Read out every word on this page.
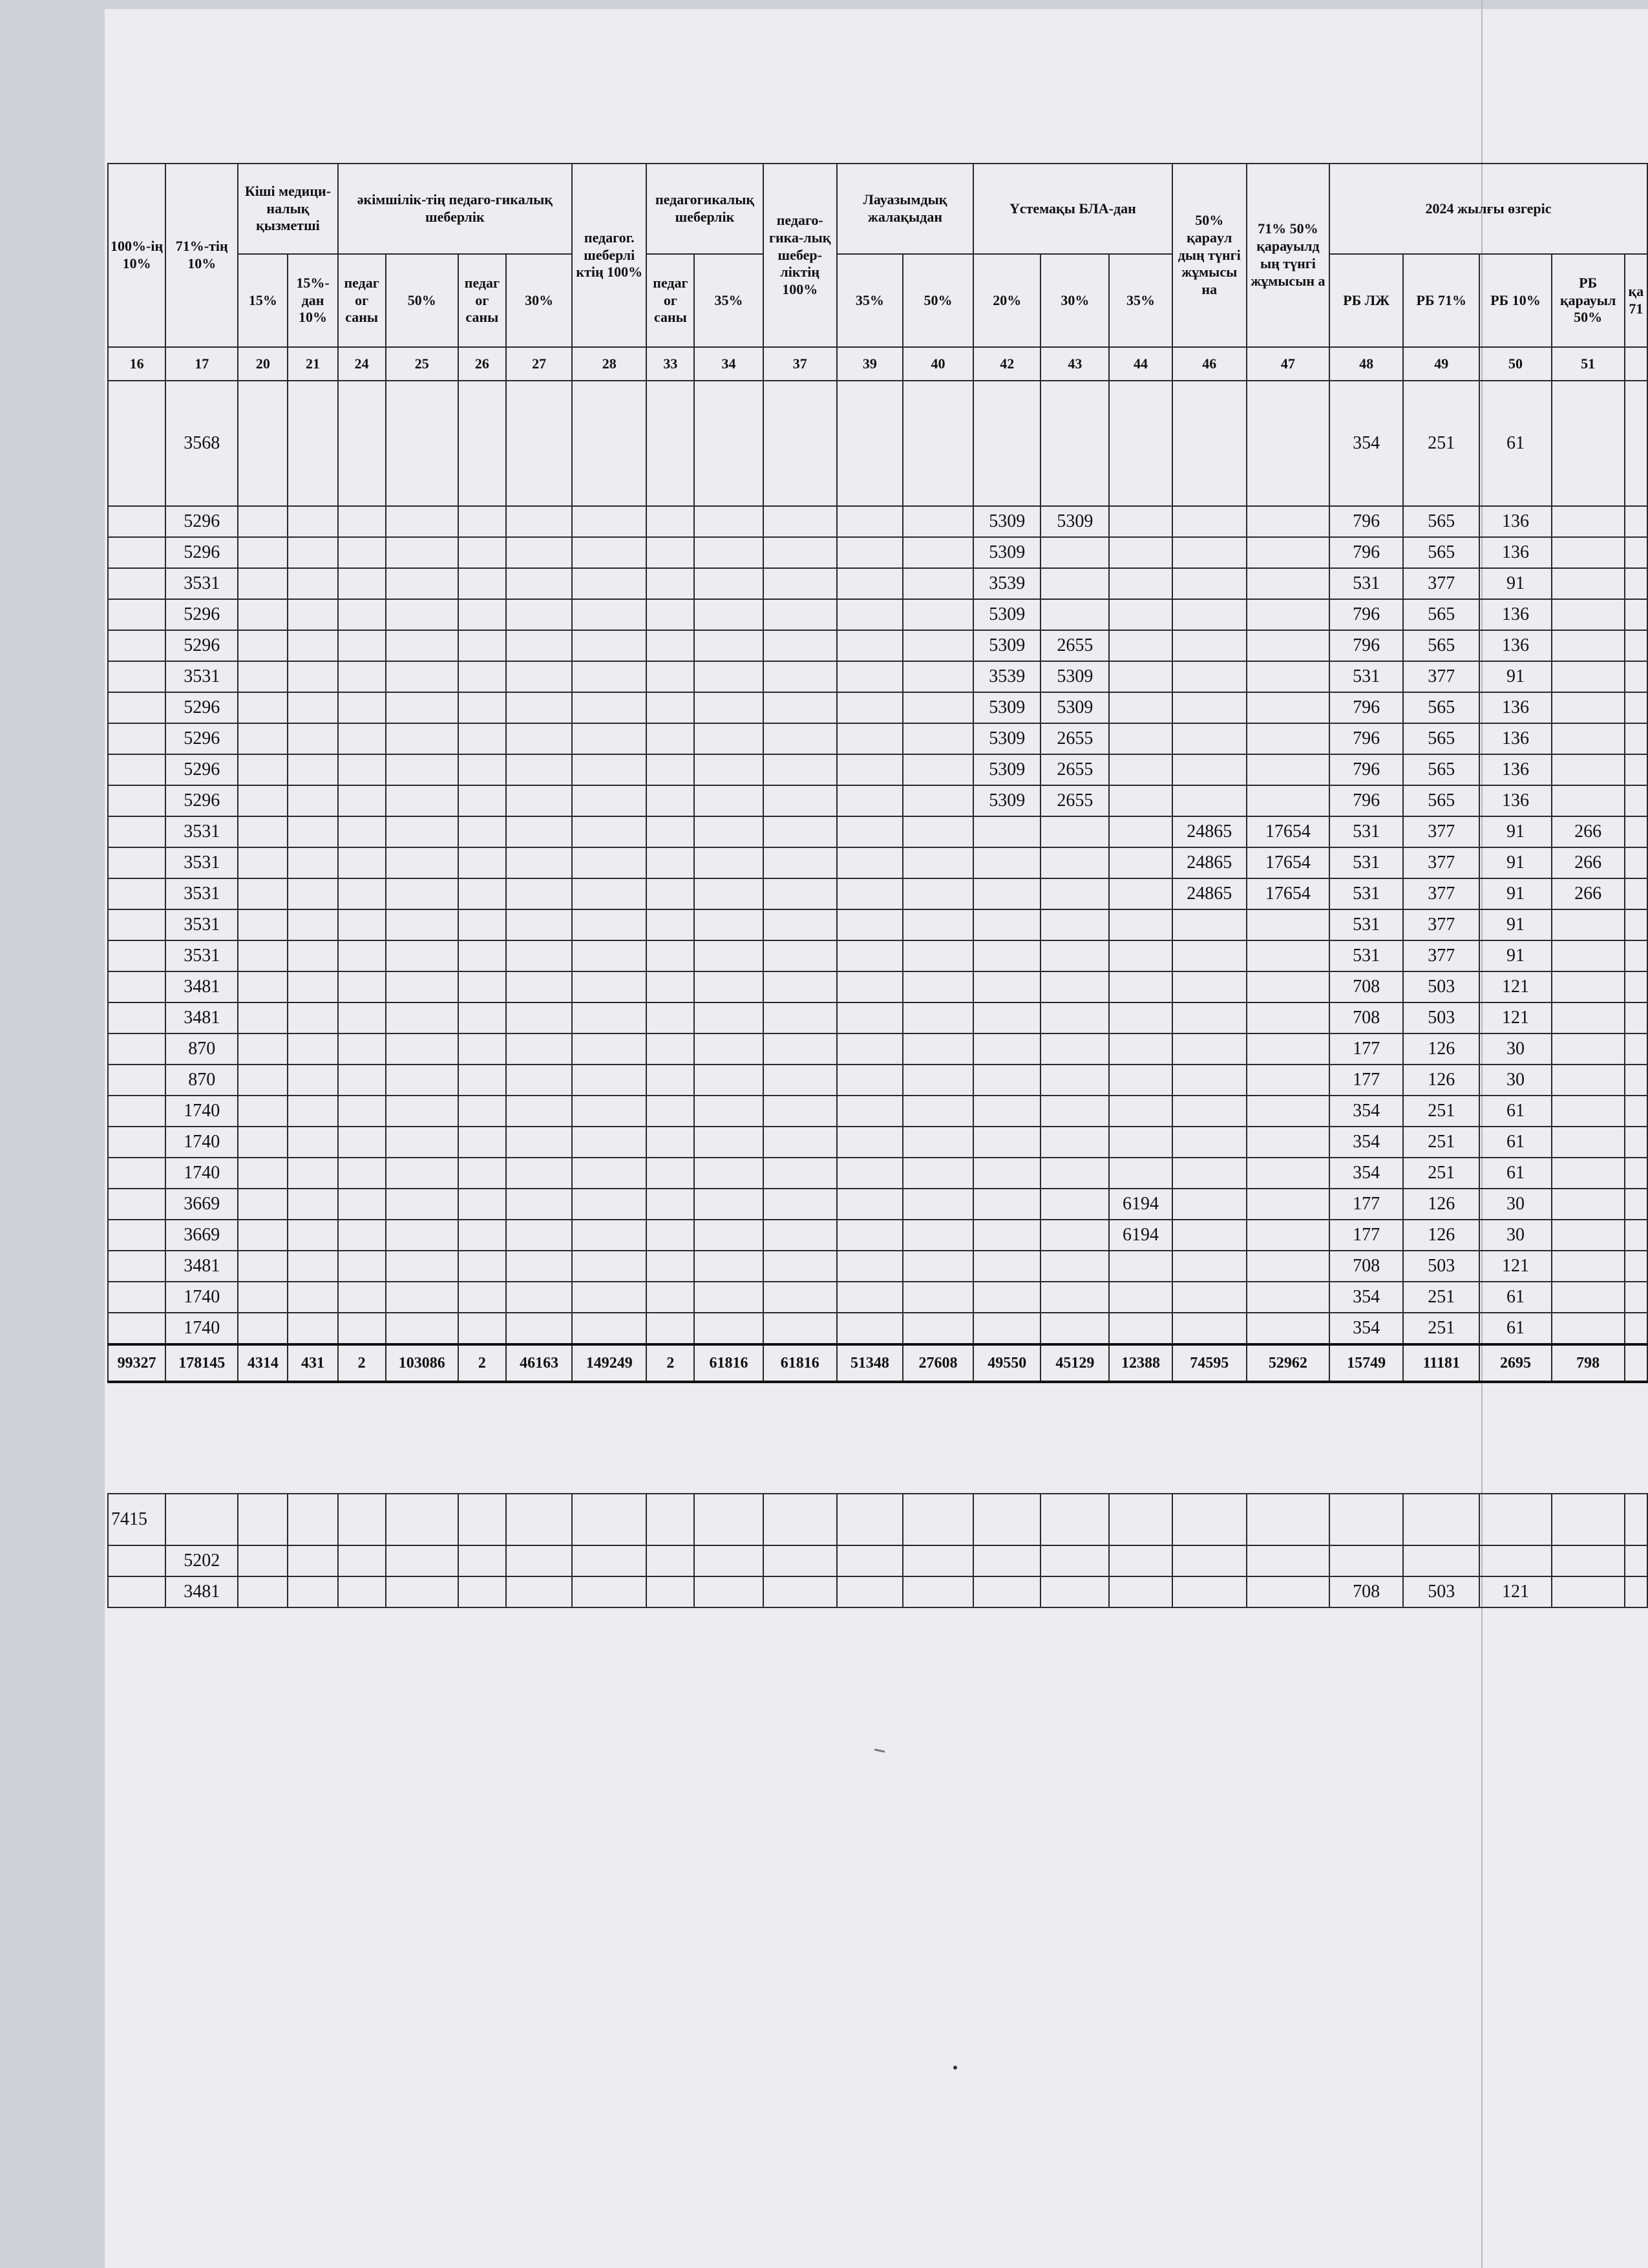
100%-ің 10%	71%-тің 10%	Кіші медици-налық қызметші		әкімшілік-тің педаго-гикалық шеберлік				педагог. шеберлі ктің 100%	педагогикалық шеберлік		педаго-гика-лық шебер-ліктің 100%	Лауазымдық жалақыдан		Үстемақы БЛА-дан			50% қараyл дың түнгі жұмысы на	71% 50% қарауылд ың түнгі жұмысын а	2024 жылғы өзгеріс				
		15%	15%-дан 10%	педаг ог саны	50%	педаг ог саны	30%		педаг ог саны	35%		35%	50%	20%	30%	35%			РБ ЛЖ	РБ 71%	РБ 10%	РБ қарауыл 50%	қа 71
16	17	20	21	24	25	26	27	28	33	34	37	39	40	42	43	44	46	47	48	49	50	51	
	3568																		354	251	61		
	5296													5309	5309				796	565	136		
	5296													5309					796	565	136		
	3531													3539					531	377	91		
	5296													5309					796	565	136		
	5296													5309	2655				796	565	136		
	3531													3539	5309				531	377	91		
	5296													5309	5309				796	565	136		
	5296													5309	2655				796	565	136		
	5296													5309	2655				796	565	136		
	5296													5309	2655				796	565	136		
	3531																24865	17654	531	377	91	266	
	3531																24865	17654	531	377	91	266	
	3531																24865	17654	531	377	91	266	
	3531																		531	377	91		
	3531																		531	377	91		
	3481																		708	503	121		
	3481																		708	503	121		
	870																		177	126	30		
	870																		177	126	30		
	1740																		354	251	61		
	1740																		354	251	61		
	1740																		354	251	61		
	3669															6194			177	126	30		
	3669															6194			177	126	30		
	3481																		708	503	121		
	1740																		354	251	61		
	1740																		354	251	61		
99327	178145	4314	431	2	103086	2	46163	149249	2	61816	61816	51348	27608	49550	45129	12388	74595	52962	15749	11181	2695	798	

7415																							
	5202																						
	3481																		708	503	121		
